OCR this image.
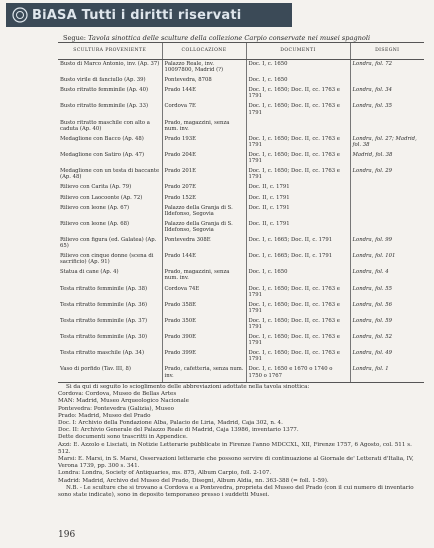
BiASA Tutti i diritti riservati
Segue: Tavola sinottica delle sculture della collezione Carpio conservate nei musei spagnoli
SCULTURA PROVENIENTE	COLLOCAZIONE	DOCUMENTI	DISEGNI
Busto di Marco Antonio, inv. (Ap. 37)	Palazzo Reale, inv. 10097800, Madrid (?)	Doc. I, c. 1650	Londra, fol. 72
Busto virile di fanciullo (Ap. 39)	Pontevedra, 8708	Doc. I, c. 1650	
Busto ritratto femminile (Ap. 40)	Prado 144E	Doc. I, c. 1650; Doc. II, cc. 1763 e 1791	Londra, fol. 34
Busto ritratto femminile (Ap. 33)	Cordova 7E	Doc. I, c. 1650; Doc. II, cc. 1763 e 1791	Londra, fol. 35
Busto ritratto maschile con alto a caduta (Ap. 40)	Prado, magazzini, senza num. inv.		
Medaglione con Bacco (Ap. 48)	Prado 193E	Doc. I, c. 1650; Doc. II, cc. 1763 e 1791	Londra, fol. 27; Madrid, fol. 38
Medaglione con Satiro (Ap. 47)	Prado 204E	Doc. I, c. 1650; Doc. II, cc. 1763 e 1791	Madrid, fol. 38
Medaglione con un testa di baccante (Ap. 48)	Prado 201E	Doc. I, c. 1650; Doc. II, cc. 1763 e 1791	Londra, fol. 29
Rilievo con Carita (Ap. 79)	Prado 207E	Doc. II, c. 1791	
Rilievo con Laocoonte (Ap. 72)	Prado 152E	Doc. II, c. 1791	
Rilievo con leone (Ap. 67)	Palazzo della Granja di S. Ildefonso, Segovia	Doc. II, c. 1791	
Rilievo con leone (Ap. 68)	Palazzo della Granja di S. Ildefonso, Segovia	Doc. II, c. 1791	
Rilievo con figura (ed. Galatea) (Ap. 65)	Pontevedra 308E	Doc. I, c. 1665; Doc. II, c. 1791	Londra, fol. 99
Rilievo con cinque donne (scena di sacrificio) (Ap. 91)	Prado 144E	Doc. I, c. 1665; Doc. II, c. 1791	Londra, fol. 101
Statua di cane (Ap. 4)	Prado, magazzini, senza num. inv.	Doc. I, c. 1650	Londra, fol. 4
Testa ritratto femminile (Ap. 38)	Cordova 74E	Doc. I, c. 1650; Doc. II, cc. 1763 e 1791	Londra, fol. 55
Testa ritratto femminile (Ap. 36)	Prado 358E	Doc. I, c. 1650; Doc. II, cc. 1763 e 1791	Londra, fol. 56
Testa ritratto femminile (Ap. 37)	Prado 350E	Doc. I, c. 1650; Doc. II, cc. 1763 e 1791	Londra, fol. 59
Testa ritratto femminile (Ap. 30)	Prado 390E	Doc. I, c. 1650; Doc. II, cc. 1763 e 1791	Londra, fol. 52
Testa ritratto maschile (Ap. 34)	Prado 399E	Doc. I, c. 1650; Doc. II, cc. 1763 e 1791	Londra, fol. 49
Vaso di porfido (Tav. III, 8)	Prado, cafetteria, senza num. inv.	Doc. I, c. 1650 e 1670 o 1740 o 1750 o 1767	Londra, fol. 1

Si da qui di seguito lo scioglimento delle abbreviazioni adottate nella tavola sinottica:

Cordova: Cordova, Museo de Bellas Artes

MAN: Madrid, Museo Arqueologico Nacionale

Pontevedra: Pontevedra (Galizia), Museo

Prado: Madrid, Museo del Prado

Doc. I: Archivio della Fondazione Alba, Palacio de Liria, Madrid, Caja 302, n. 4.

Doc. II: Archivio Generale del Palazzo Reale di Madrid, Caja 13986, inventario 1377.

Dette documenti sono trascritti in Appendice.

Azzi: E. Azzolo e Lisciati, in Notizie Letterarie pubblicate in Firenze l'anno MDCCXL, XII, Firenze 1757, 6 Agosto, col. 511 s. 512.

Marsi: E. Marsi, in S. Marsi, Osservazioni letterarie che possono servire di continuazione al Giornale de' Letterati d'Italia, IV, Verona 1739, pp. 300 s. 341.

Londra: Londra, Society of Antiquaries, ms. 875, Album Carpio, foll. 2-107.

Madrid: Madrid, Archivo del Museo del Prado, Disegni, Album Aldia, nn. 363-388 (= foll. 1-59).

N.B. - Le sculture che si trovano a Cordova e a Pontevedra, proprieta del Museo del Prado (con il cui numero di inventario sono state indicate), sono in deposito temporaneo presso i suddetti Musei.

196
